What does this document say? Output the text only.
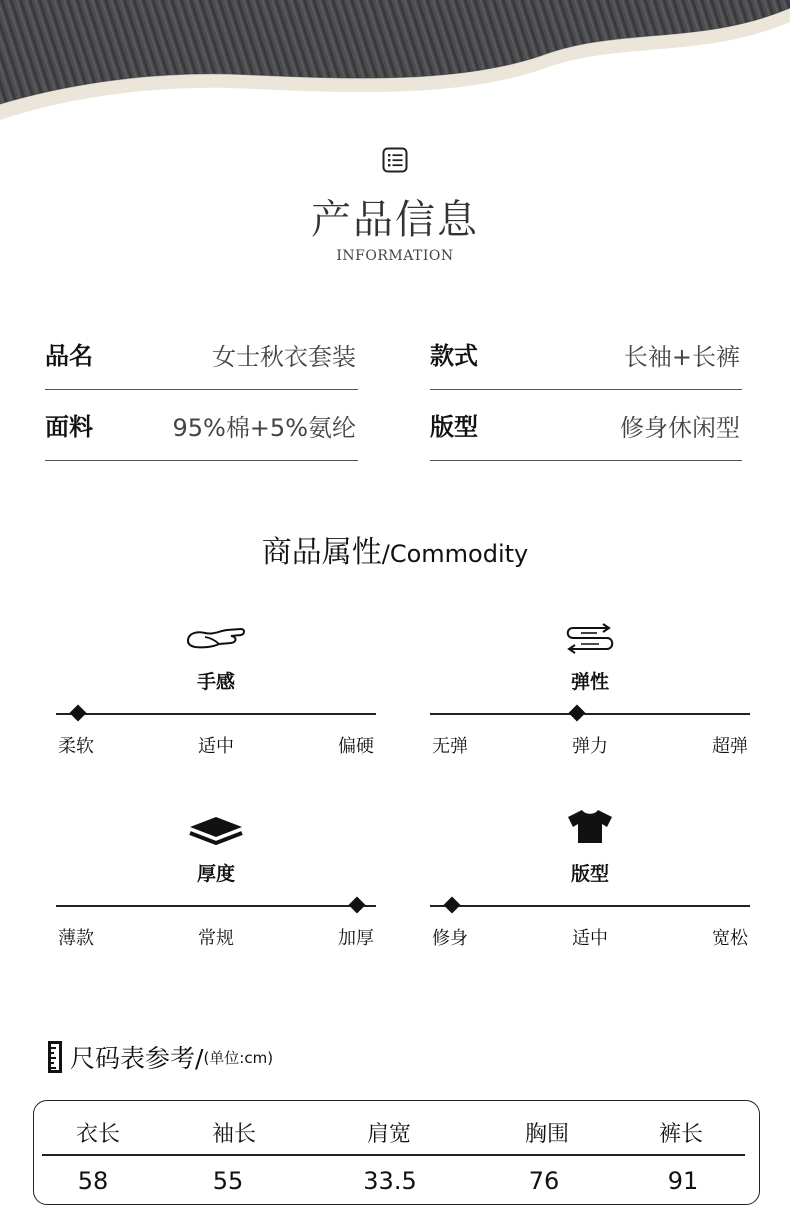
产品信息
INFORMATION
品名	女士秋衣套装	款式	长袖+长裤
面料	95%棉+5%氨纶	版型	修身休闲型
商品属性/Commodity
手感
柔软	适中	偏硬
弹性
无弹	弹力	超弹
厚度
薄款	常规	加厚
版型
修身	适中	宽松
尺码表参考/ (单位:cm)
衣长	袖长	肩宽	胸围	裤长
58	55	33.5	76	91
